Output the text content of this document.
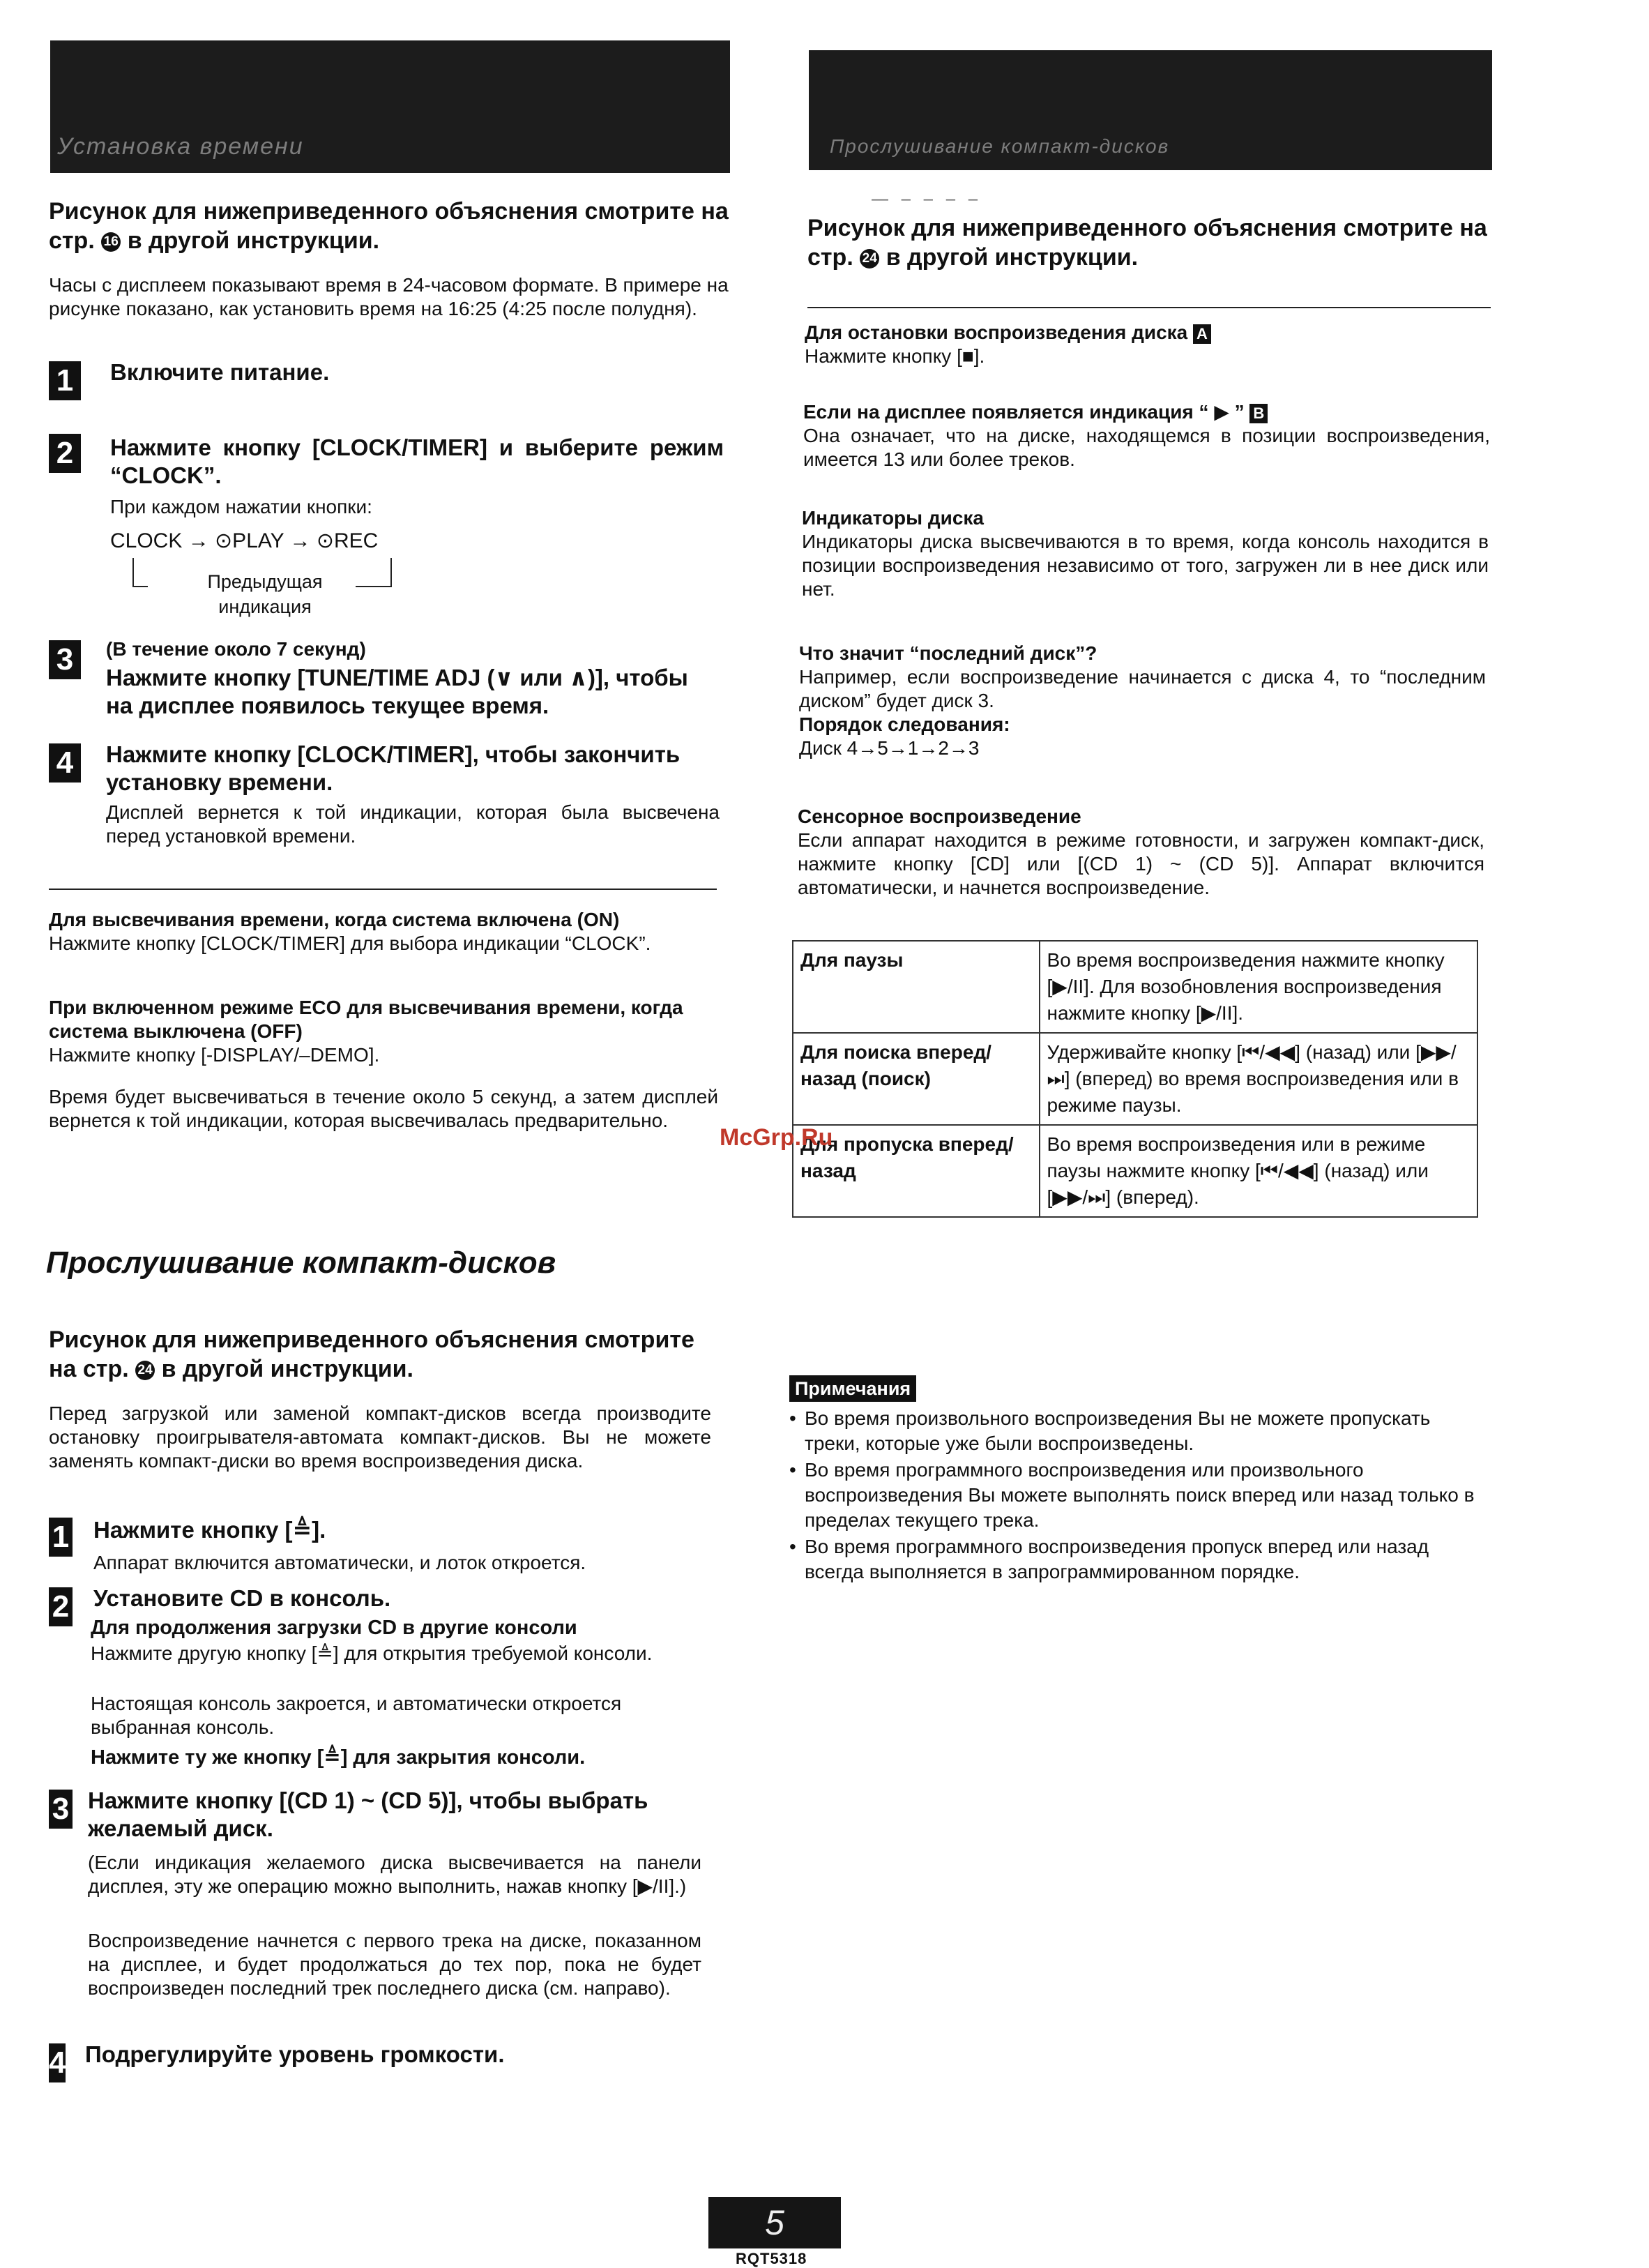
Установка времени	Прослушивание компакт-дисков
Рисунок для нижеприведенного объяснения смотрите на стр. 16 в другой инструкции.
Часы с дисплеем показывают время в 24-часовом формате. В примере на рисунке показано, как установить время на 16:25 (4:25 после полудня).
1	Включите питание.
2	Нажмите кнопку [CLOCK/TIMER] и выберите режим “CLOCK”.
При каждом нажатии кнопки:
CLOCK → ⊙PLAY → ⊙REC
Предыдущая индикация
3	(В течение около 7 секунд)
Нажмите кнопку [TUNE/TIME ADJ (∨ или ∧)], чтобы на дисплее появилось текущее время.
4	Нажмите кнопку [CLOCK/TIMER], чтобы закончить установку времени.
Дисплей вернется к той индикации, которая была высвечена перед установкой времени.
Для высвечивания времени, когда система включена (ON)
Нажмите кнопку [CLOCK/TIMER] для выбора индикации “CLOCK”.
При включенном режиме ECO для высвечивания времени, когда система выключена (OFF)
Нажмите кнопку [-DISPLAY/–DEMO].
Время будет высвечиваться в течение около 5 секунд, а затем дисплей вернется к той индикации, которая высвечивалась предварительно.
Прослушивание компакт-дисков
Рисунок для нижеприведенного объяснения смотрите на стр. 24 в другой инструкции.
Перед загрузкой или заменой компакт-дисков всегда производите остановку проигрывателя-автомата компакт-дисков. Вы не можете заменять компакт-диски во время воспроизведения диска.
1 Нажмите кнопку [≜].
Аппарат включится автоматически, и лоток откроется.
2 Установите CD в консоль.
Для продолжения загрузки CD в другие консоли
Нажмите другую кнопку [≜] для открытия требуемой консоли.
Настоящая консоль закроется, и автоматически откроется выбранная консоль.
Нажмите ту же кнопку [≜] для закрытия консоли.
3 Нажмите кнопку [(CD 1) ~ (CD 5)], чтобы выбрать желаемый диск.
(Если индикация желаемого диска высвечивается на панели дисплея, эту же операцию можно выполнить, нажав кнопку [▶/II].)
Воспроизведение начнется с первого трека на диске, показанном на дисплее, и будет продолжаться до тех пор, пока не будет воспроизведен последний трек последнего диска (см. направо).
4 Подрегулируйте уровень громкости.
— ‒ ‒ – ‒
Рисунок для нижеприведенного объяснения смотрите на стр. 24 в другой инструкции.
Для остановки воспроизведения диска A
Нажмите кнопку [■].
Если на дисплее появляется индикация “ ▶ ” B
Она означает, что на диске, находящемся в позиции воспроизведения, имеется 13 или более треков.
Индикаторы диска
Индикаторы диска высвечиваются в то время, когда консоль находится в позиции воспроизведения независимо от того, загружен ли в нее диск или нет.
Что значит “последний диск”?
Например, если воспроизведение начинается с диска 4, то “последним диском” будет диск 3.
Порядок следования:
Диск 4→5→1→2→3
Сенсорное воспроизведение
Если аппарат находится в режиме готовности, и загружен компакт-диск, нажмите кнопку [CD] или [(CD 1) ~ (CD 5)]. Аппарат включится автоматически, и начнется воспроизведение.
Для паузы	Во время воспроизведения нажмите кнопку [▶/II]. Для возобновления воспроизведения нажмите кнопку [▶/II].
Для поиска вперед/ назад (поиск)	Удерживайте кнопку [⏮/◀◀] (назад) или [▶▶/⏭] (вперед) во время воспроизведения или в режиме паузы.
Для пропуска вперед/ назад	Во время воспроизведения или в режиме паузы нажмите кнопку [⏮/◀◀] (назад) или [▶▶/⏭] (вперед).
Примечания
• Во время произвольного воспроизведения Вы не можете пропускать треки, которые уже были воспроизведены.
• Во время программного воспроизведения или произвольного воспроизведения Вы можете выполнять поиск вперед или назад только в пределах текущего трека.
• Во время программного воспроизведения пропуск вперед или назад всегда выполняется в запрограммированном порядке.
McGrp.Ru
5
RQT5318
